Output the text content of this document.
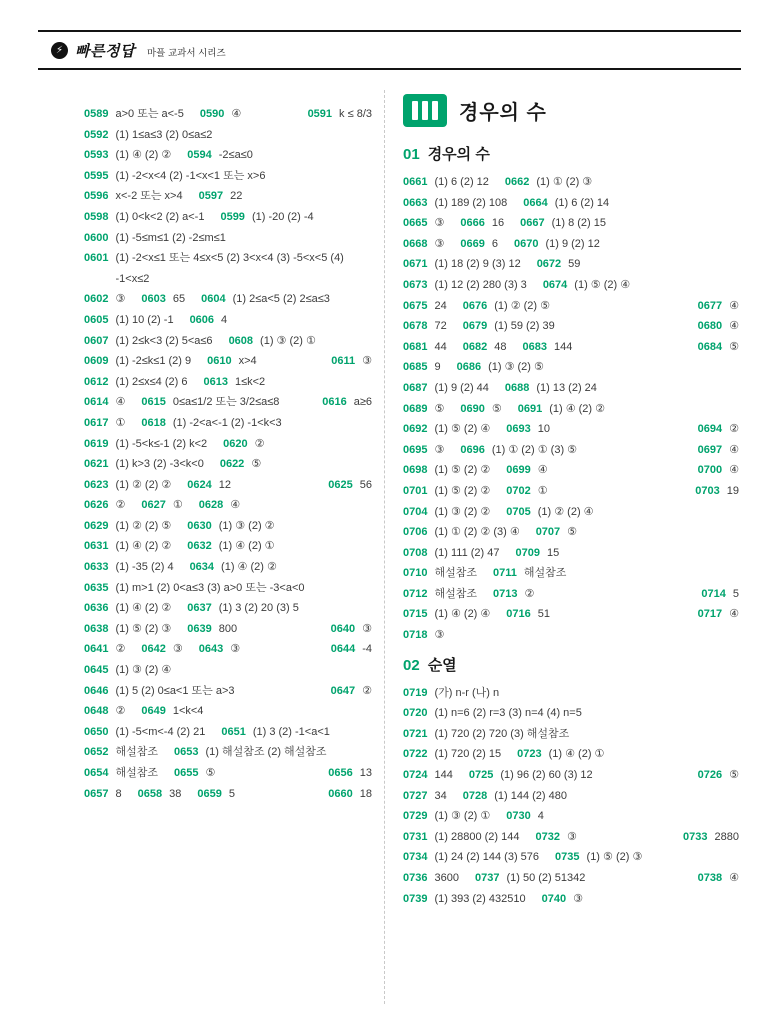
⚡ 빠른정답 마플 교과서 시리즈
0589 a>0 또는 a<-5 0590 ④	0591 k ≤ 8/3
0592 (1) 1≤a≤3 (2) 0≤a≤2
0593 (1) ④ (2) ② 0594 -2≤a≤0
0595 (1) -2<x<4 (2) -1<x<1 또는 x>6
0596 x<-2 또는 x>4 0597 22
0598 (1) 0<k<2 (2) a<-1 0599 (1) -20 (2) -4
0600 (1) -5≤m≤1 (2) -2≤m≤1
0601 (1) -2<x≤1 또는 4≤x<5 (2) 3<x<4 (3) -5<x<5 (4) -1<x≤2
0602 ③ 0603 65 0604 (1) 2≤a<5 (2) 2≤a≤3
0605 (1) 10 (2) -1 0606 4
0607 (1) 2≤k<3 (2) 5<a≤6 0608 (1) ③ (2) ①
0609 (1) -2≤k≤1 (2) 9 0610 x>4	0611 ③
0612 (1) 2≤x≤4 (2) 6 0613 1≤k<2
0614 ④ 0615 0≤a≤1/2 또는 3/2≤a≤8	0616 a≥6
0617 ① 0618 (1) -2<a<-1 (2) -1<k<3
0619 (1) -5<k≤-1 (2) k<2 0620 ②
0621 (1) k>3 (2) -3<k<0 0622 ⑤
0623 (1) ② (2) ② 0624 12	0625 56
0626 ② 0627 ① 0628 ④
0629 (1) ② (2) ⑤ 0630 (1) ③ (2) ②
0631 (1) ④ (2) ② 0632 (1) ④ (2) ①
0633 (1) -35 (2) 4 0634 (1) ④ (2) ②
0635 (1) m>1 (2) 0<a≤3 (3) a>0 또는 -3<a<0
0636 (1) ④ (2) ② 0637 (1) 3 (2) 20 (3) 5
0638 (1) ⑤ (2) ③ 0639 800	0640 ③
0641 ② 0642 ③ 0643 ③	0644 -4
0645 (1) ③ (2) ④
0646 (1) 5 (2) 0≤a<1 또는 a>3	0647 ②
0648 ② 0649 1<k<4
0650 (1) -5<m<-4 (2) 21 0651 (1) 3 (2) -1<a<1
0652 해설참조 0653 (1) 해설참조 (2) 해설참조
0654 해설참조 0655 ⑤	0656 13
0657 8 0658 38 0659 5	0660 18
경우의 수
01 경우의 수
0661 (1) 6 (2) 12 0662 (1) ① (2) ③
0663 (1) 189 (2) 108 0664 (1) 6 (2) 14
0665 ③ 0666 16 0667 (1) 8 (2) 15
0668 ③ 0669 6 0670 (1) 9 (2) 12
0671 (1) 18 (2) 9 (3) 12 0672 59
0673 (1) 12 (2) 280 (3) 3 0674 (1) ⑤ (2) ④
0675 24 0676 (1) ② (2) ⑤	0677 ④
0678 72 0679 (1) 59 (2) 39	0680 ④
0681 44 0682 48 0683 144	0684 ⑤
0685 9 0686 (1) ③ (2) ⑤
0687 (1) 9 (2) 44 0688 (1) 13 (2) 24
0689 ⑤ 0690 ⑤ 0691 (1) ④ (2) ②
0692 (1) ⑤ (2) ④ 0693 10	0694 ②
0695 ③ 0696 (1) ① (2) ① (3) ⑤	0697 ④
0698 (1) ⑤ (2) ② 0699 ④	0700 ④
0701 (1) ⑤ (2) ② 0702 ①	0703 19
0704 (1) ③ (2) ② 0705 (1) ② (2) ④
0706 (1) ① (2) ② (3) ④ 0707 ⑤
0708 (1) 111 (2) 47 0709 15
0710 해설참조 0711 해설참조
0712 해설참조 0713 ②	0714 5
0715 (1) ④ (2) ④ 0716 51	0717 ④
0718 ③
02 순열
0719 (가) n-r (나) n
0720 (1) n=6 (2) r=3 (3) n=4 (4) n=5
0721 (1) 720 (2) 720 (3) 해설참조
0722 (1) 720 (2) 15 0723 (1) ④ (2) ①
0724 144 0725 (1) 96 (2) 60 (3) 12	0726 ⑤
0727 34 0728 (1) 144 (2) 480
0729 (1) ③ (2) ① 0730 4
0731 (1) 28800 (2) 144 0732 ③	0733 2880
0734 (1) 24 (2) 144 (3) 576 0735 (1) ⑤ (2) ③
0736 3600 0737 (1) 50 (2) 51342	0738 ④
0739 (1) 393 (2) 432510 0740 ③
